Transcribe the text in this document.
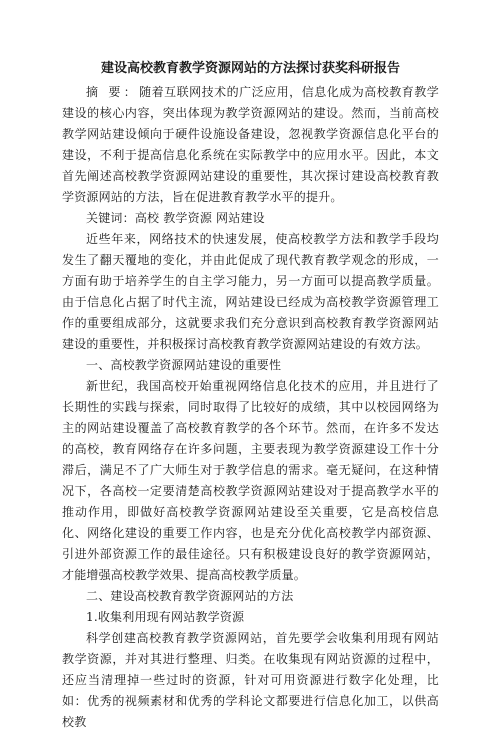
建设高校教育教学资源网站的方法探讨获奖科研报告

摘 要：随着互联网技术的广泛应用，信息化成为高校教育教学建设的核心内容，突出体现为教学资源网站的建设。然而，当前高校教学网站建设倾向于硬件设施设备建设，忽视教学资源信息化平台的建设，不利于提高信息化系统在实际教学中的应用水平。因此，本文首先阐述高校教学资源网站建设的重要性，其次探讨建设高校教育教学资源网站的方法，旨在促进教育教学水平的提升。

关键词：高校 教学资源 网站建设

近些年来，网络技术的快速发展，使高校教学方法和教学手段均发生了翻天覆地的变化，并由此促成了现代教育教学观念的形成，一方面有助于培养学生的自主学习能力，另一方面可以提高教学质量。由于信息化占据了时代主流，网站建设已经成为高校教学资源管理工作的重要组成部分，这就要求我们充分意识到高校教育教学资源网站建设的重要性，并积极探讨高校教育教学资源网站建设的有效方法。

一、高校教学资源网站建设的重要性

新世纪，我国高校开始重视网络信息化技术的应用，并且进行了长期性的实践与探索，同时取得了比较好的成绩，其中以校园网络为主的网站建设覆盖了高校教育教学的各个环节。然而，在许多不发达的高校，教育网络存在许多问题，主要表现为教学资源建设工作十分滞后，满足不了广大师生对于教学信息的需求。毫无疑问，在这种情况下，各高校一定要清楚高校教学资源网站建设对于提高教学水平的推动作用，即做好高校教学资源网站建设至关重要，它是高校信息化、网络化建设的重要工作内容，也是充分优化高校教学内部资源、引进外部资源工作的最佳途径。只有积极建设良好的教学资源网站，才能增强高校教学效果、提高高校教学质量。

二、建设高校教育教学资源网站的方法

1.收集利用现有网站教学资源

科学创建高校教育教学资源网站，首先要学会收集利用现有网站教学资源，并对其进行整理、归类。在收集现有网站资源的过程中，还应当清理掉一些过时的资源，针对可用资源进行数字化处理，比如：优秀的视频素材和优秀的学科论文都要进行信息化加工，以供高校教
